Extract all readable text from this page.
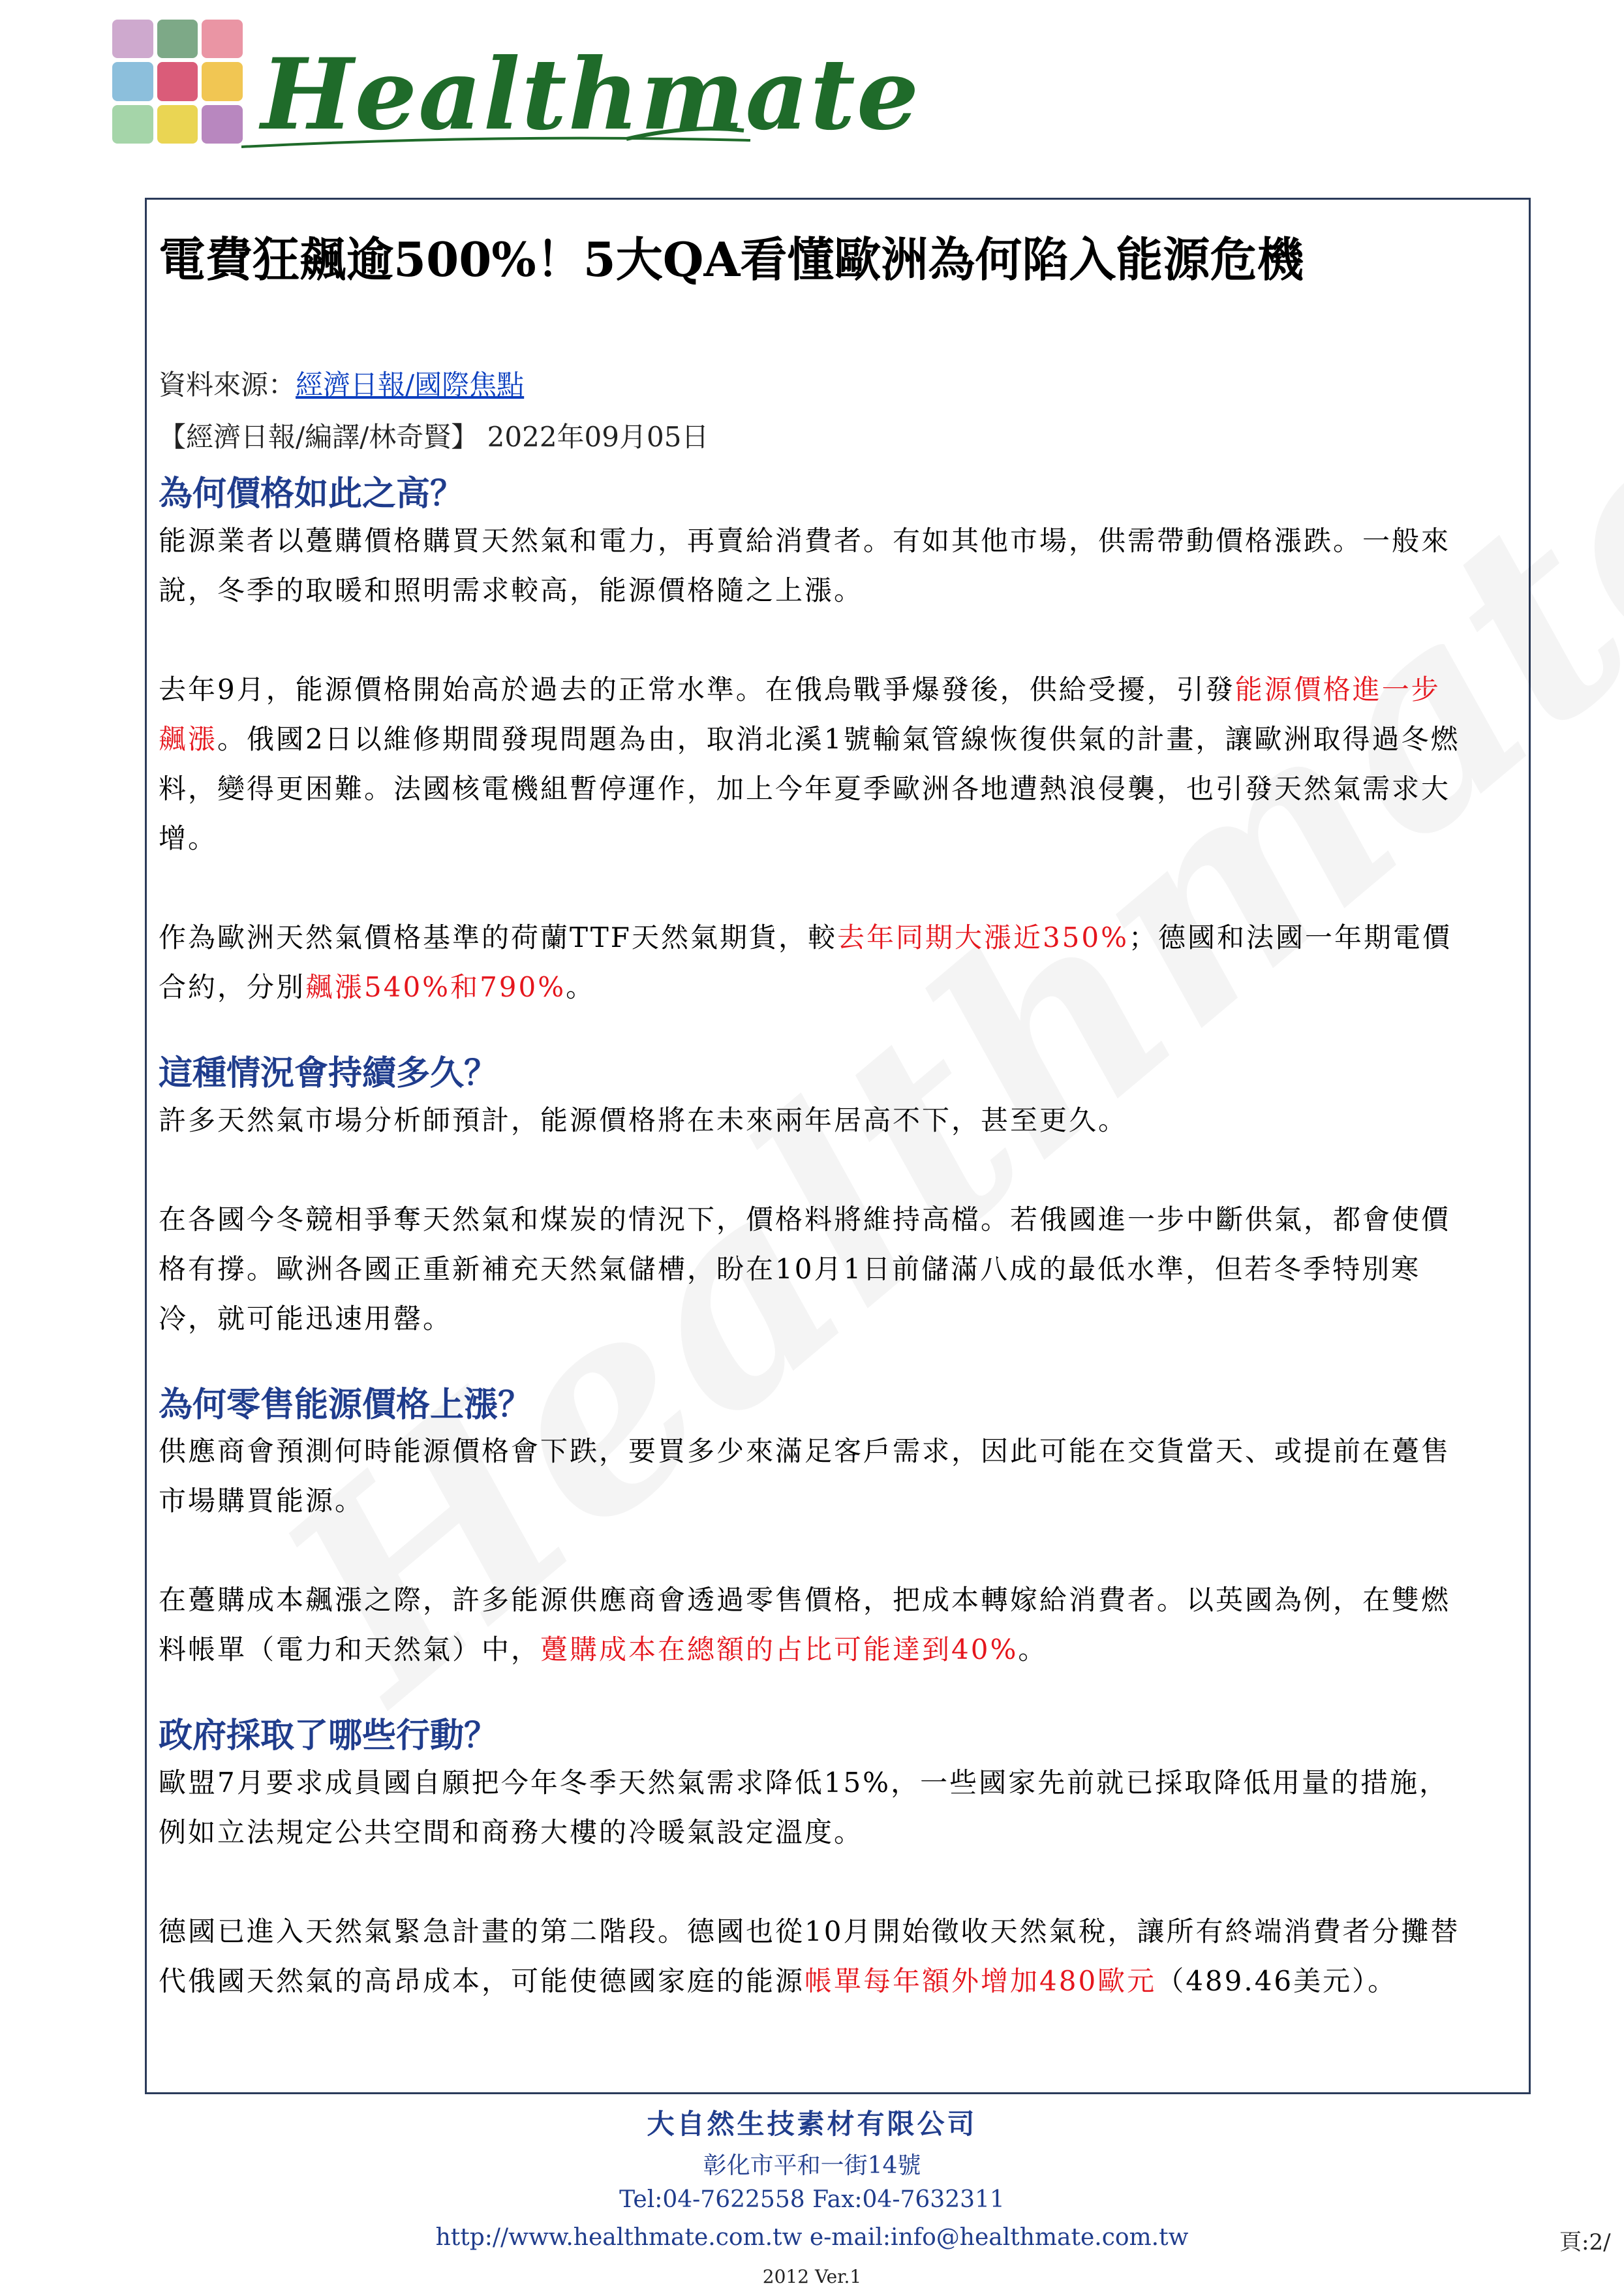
Healthmate
電費狂飆逾500%！5大QA看懂歐洲為何陷入能源危機
資料來源：經濟日報/國際焦點
【經濟日報/編譯/林奇賢】 2022年09月05日
為何價格如此之高？

能源業者以躉購價格購買天然氣和電力，再賣給消費者。有如其他市場，供需帶動價格漲跌。一般來說，冬季的取暖和照明需求較高，能源價格隨之上漲。

去年9月，能源價格開始高於過去的正常水準。在俄烏戰爭爆發後，供給受擾，引發能源價格進一步飆漲。俄國2日以維修期間發現問題為由，取消北溪1號輸氣管線恢復供氣的計畫，讓歐洲取得過冬燃料，變得更困難。法國核電機組暫停運作，加上今年夏季歐洲各地遭熱浪侵襲，也引發天然氣需求大增。

作為歐洲天然氣價格基準的荷蘭TTF天然氣期貨，較去年同期大漲近350%；德國和法國一年期電價合約，分別飆漲540%和790%。

這種情況會持續多久？

許多天然氣市場分析師預計，能源價格將在未來兩年居高不下，甚至更久。

在各國今冬競相爭奪天然氣和煤炭的情況下，價格料將維持高檔。若俄國進一步中斷供氣，都會使價格有撐。歐洲各國正重新補充天然氣儲槽，盼在10月1日前儲滿八成的最低水準，但若冬季特別寒冷，就可能迅速用罄。

為何零售能源價格上漲？

供應商會預測何時能源價格會下跌，要買多少來滿足客戶需求，因此可能在交貨當天、或提前在躉售市場購買能源。

在躉購成本飆漲之際，許多能源供應商會透過零售價格，把成本轉嫁給消費者。以英國為例，在雙燃料帳單（電力和天然氣）中，躉購成本在總額的占比可能達到40%。

政府採取了哪些行動？

歐盟7月要求成員國自願把今年冬季天然氣需求降低15%，一些國家先前就已採取降低用量的措施，例如立法規定公共空間和商務大樓的冷暖氣設定溫度。

德國已進入天然氣緊急計畫的第二階段。德國也從10月開始徵收天然氣稅，讓所有終端消費者分攤替代俄國天然氣的高昂成本，可能使德國家庭的能源帳單每年額外增加480歐元（489.46美元）。

大自然生技素材有限公司
彰化市平和一街14號
Tel:04-7622558 Fax:04-7632311
http://www.healthmate.com.tw e-mail:info@healthmate.com.tw
2012 Ver.1
頁:2/
